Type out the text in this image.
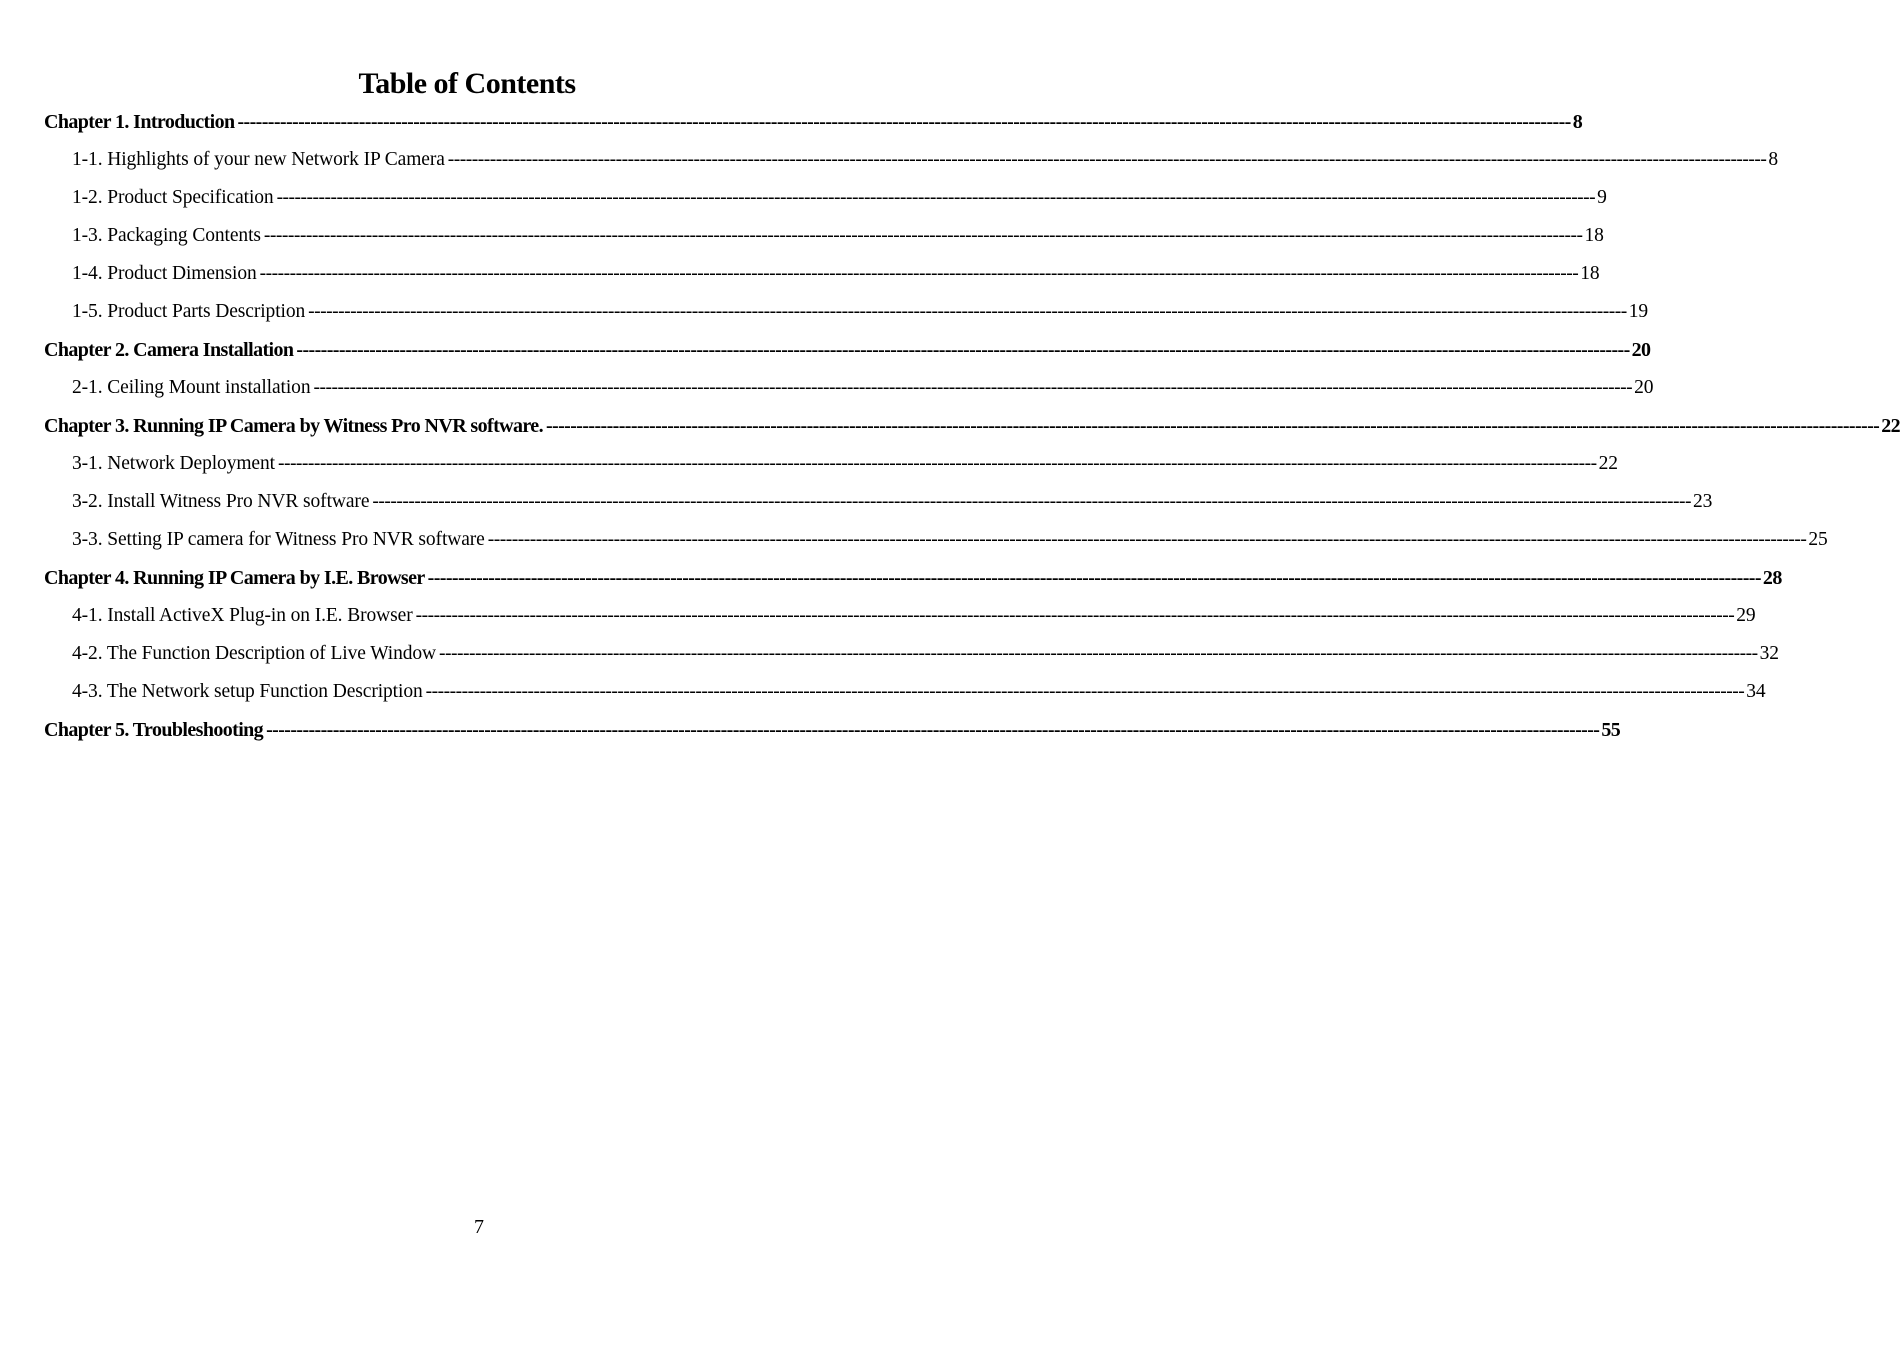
Table of Contents
Chapter 1. Introduction ---------------------------------------------------------------------------------------------------------------------------------------------------------------------------------------------------------------------------- 8
1-1. Highlights of your new Network IP Camera ---------------------------------------------------------------------------------------------------------------------------------------------------------------------------------------------------------------------------- 8
1-2. Product Specification ---------------------------------------------------------------------------------------------------------------------------------------------------------------------------------------------------------------------------- 9
1-3. Packaging Contents ---------------------------------------------------------------------------------------------------------------------------------------------------------------------------------------------------------------------------- 18
1-4. Product Dimension ---------------------------------------------------------------------------------------------------------------------------------------------------------------------------------------------------------------------------- 18
1-5. Product Parts Description ---------------------------------------------------------------------------------------------------------------------------------------------------------------------------------------------------------------------------- 19
Chapter 2. Camera Installation ---------------------------------------------------------------------------------------------------------------------------------------------------------------------------------------------------------------------------- 20
2-1. Ceiling Mount installation ---------------------------------------------------------------------------------------------------------------------------------------------------------------------------------------------------------------------------- 20
Chapter 3. Running IP Camera by Witness Pro NVR software. ---------------------------------------------------------------------------------------------------------------------------------------------------------------------------------------------------------------------------- 22
3-1. Network Deployment ---------------------------------------------------------------------------------------------------------------------------------------------------------------------------------------------------------------------------- 22
3-2. Install Witness Pro NVR software ---------------------------------------------------------------------------------------------------------------------------------------------------------------------------------------------------------------------------- 23
3-3. Setting IP camera for Witness Pro NVR software ---------------------------------------------------------------------------------------------------------------------------------------------------------------------------------------------------------------------------- 25
Chapter 4. Running IP Camera by I.E. Browser ---------------------------------------------------------------------------------------------------------------------------------------------------------------------------------------------------------------------------- 28
4-1. Install ActiveX Plug-in on I.E. Browser ---------------------------------------------------------------------------------------------------------------------------------------------------------------------------------------------------------------------------- 29
4-2. The Function Description of Live Window ---------------------------------------------------------------------------------------------------------------------------------------------------------------------------------------------------------------------------- 32
4-3. The Network setup Function Description ---------------------------------------------------------------------------------------------------------------------------------------------------------------------------------------------------------------------------- 34
Chapter 5. Troubleshooting ---------------------------------------------------------------------------------------------------------------------------------------------------------------------------------------------------------------------------- 55
7
